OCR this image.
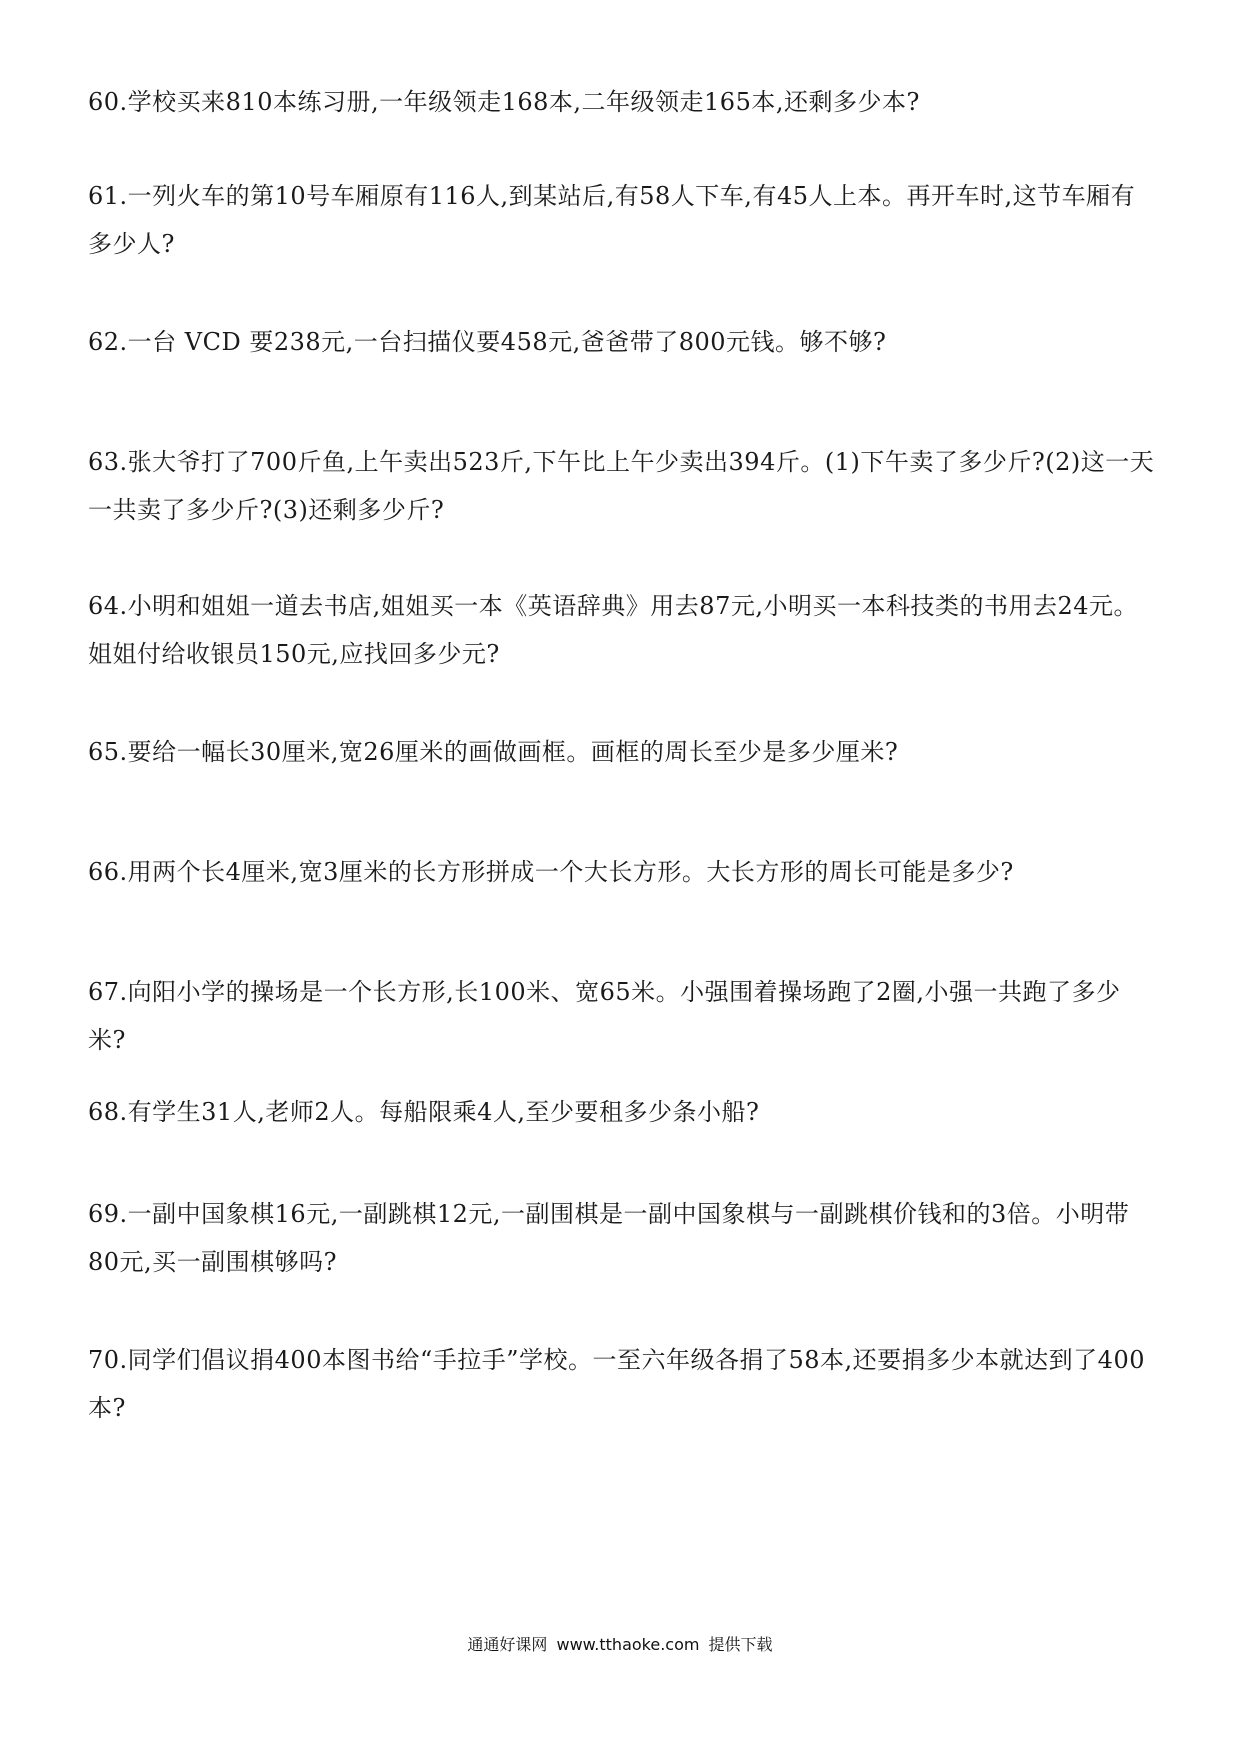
60.学校买来810本练习册,一年级领走168本,二年级领走165本,还剩多少本?

61.一列火车的第10号车厢原有116人,到某站后,有58人下车,有45人上本。再开车时,这节车厢有多少人?

62.一台 VCD 要238元,一台扫描仪要458元,爸爸带了800元钱。够不够?

63.张大爷打了700斤鱼,上午卖出523斤,下午比上午少卖出394斤。(1)下午卖了多少斤?(2)这一天一共卖了多少斤?(3)还剩多少斤?

64.小明和姐姐一道去书店,姐姐买一本《英语辞典》用去87元,小明买一本科技类的书用去24元。姐姐付给收银员150元,应找回多少元?

65.要给一幅长30厘米,宽26厘米的画做画框。画框的周长至少是多少厘米?

66.用两个长4厘米,宽3厘米的长方形拼成一个大长方形。大长方形的周长可能是多少?

67.向阳小学的操场是一个长方形,长100米、宽65米。小强围着操场跑了2圈,小强一共跑了多少米?

68.有学生31人,老师2人。每船限乘4人,至少要租多少条小船?

69.一副中国象棋16元,一副跳棋12元,一副围棋是一副中国象棋与一副跳棋价钱和的3倍。小明带80元,买一副围棋够吗?

70.同学们倡议捐400本图书给“手拉手”学校。一至六年级各捐了58本,还要捐多少本就达到了400本?

通通好课网 www.tthaoke.com 提供下载
